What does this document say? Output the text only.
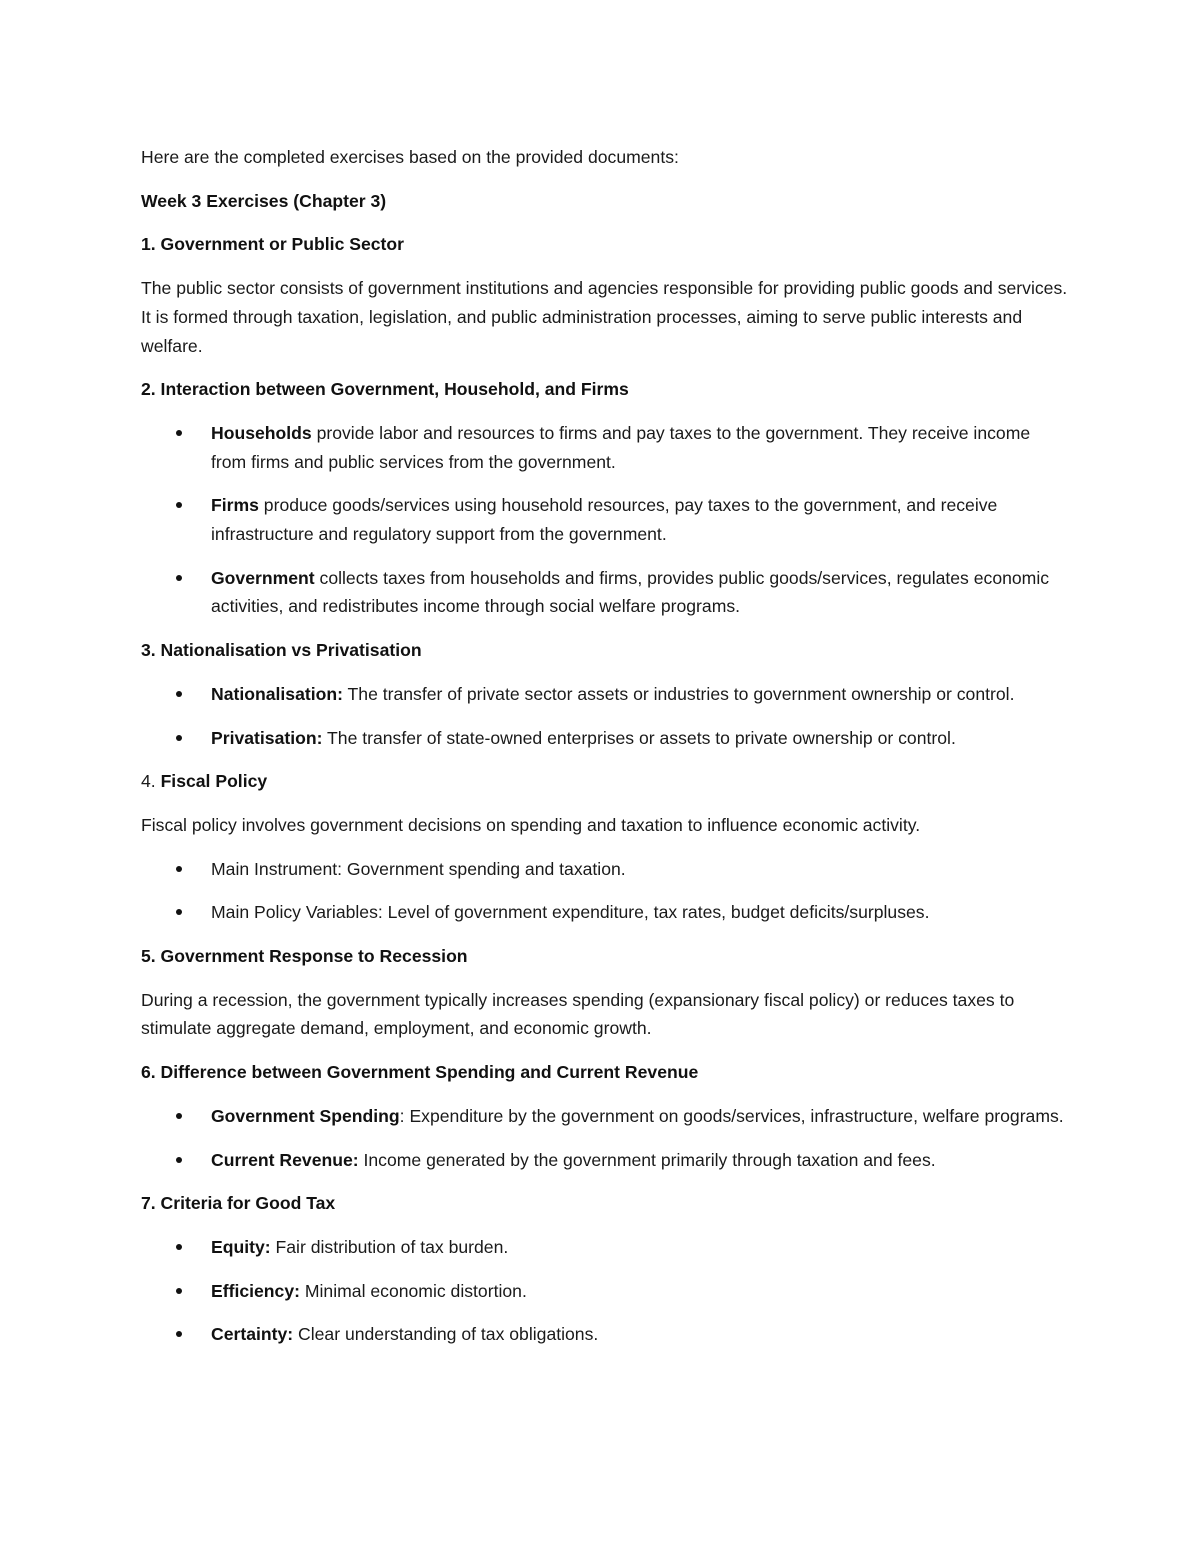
Here are the completed exercises based on the provided documents:

Week 3 Exercises (Chapter 3)

1. Government or Public Sector

The public sector consists of government institutions and agencies responsible for providing public goods and services. It is formed through taxation, legislation, and public administration processes, aiming to serve public interests and welfare.

2. Interaction between Government, Household, and Firms

Households provide labor and resources to firms and pay taxes to the government. They receive income from firms and public services from the government.
Firms produce goods/services using household resources, pay taxes to the government, and receive infrastructure and regulatory support from the government.
Government collects taxes from households and firms, provides public goods/services, regulates economic activities, and redistributes income through social welfare programs.

3. Nationalisation vs Privatisation

Nationalisation: The transfer of private sector assets or industries to government ownership or control.
Privatisation: The transfer of state-owned enterprises or assets to private ownership or control.

4. Fiscal Policy

Fiscal policy involves government decisions on spending and taxation to influence economic activity.

Main Instrument: Government spending and taxation.
Main Policy Variables: Level of government expenditure, tax rates, budget deficits/surpluses.

5. Government Response to Recession

During a recession, the government typically increases spending (expansionary fiscal policy) or reduces taxes to stimulate aggregate demand, employment, and economic growth.

6. Difference between Government Spending and Current Revenue

Government Spending: Expenditure by the government on goods/services, infrastructure, welfare programs.
Current Revenue: Income generated by the government primarily through taxation and fees.

7. Criteria for Good Tax

Equity: Fair distribution of tax burden.
Efficiency: Minimal economic distortion.
Certainty: Clear understanding of tax obligations.
